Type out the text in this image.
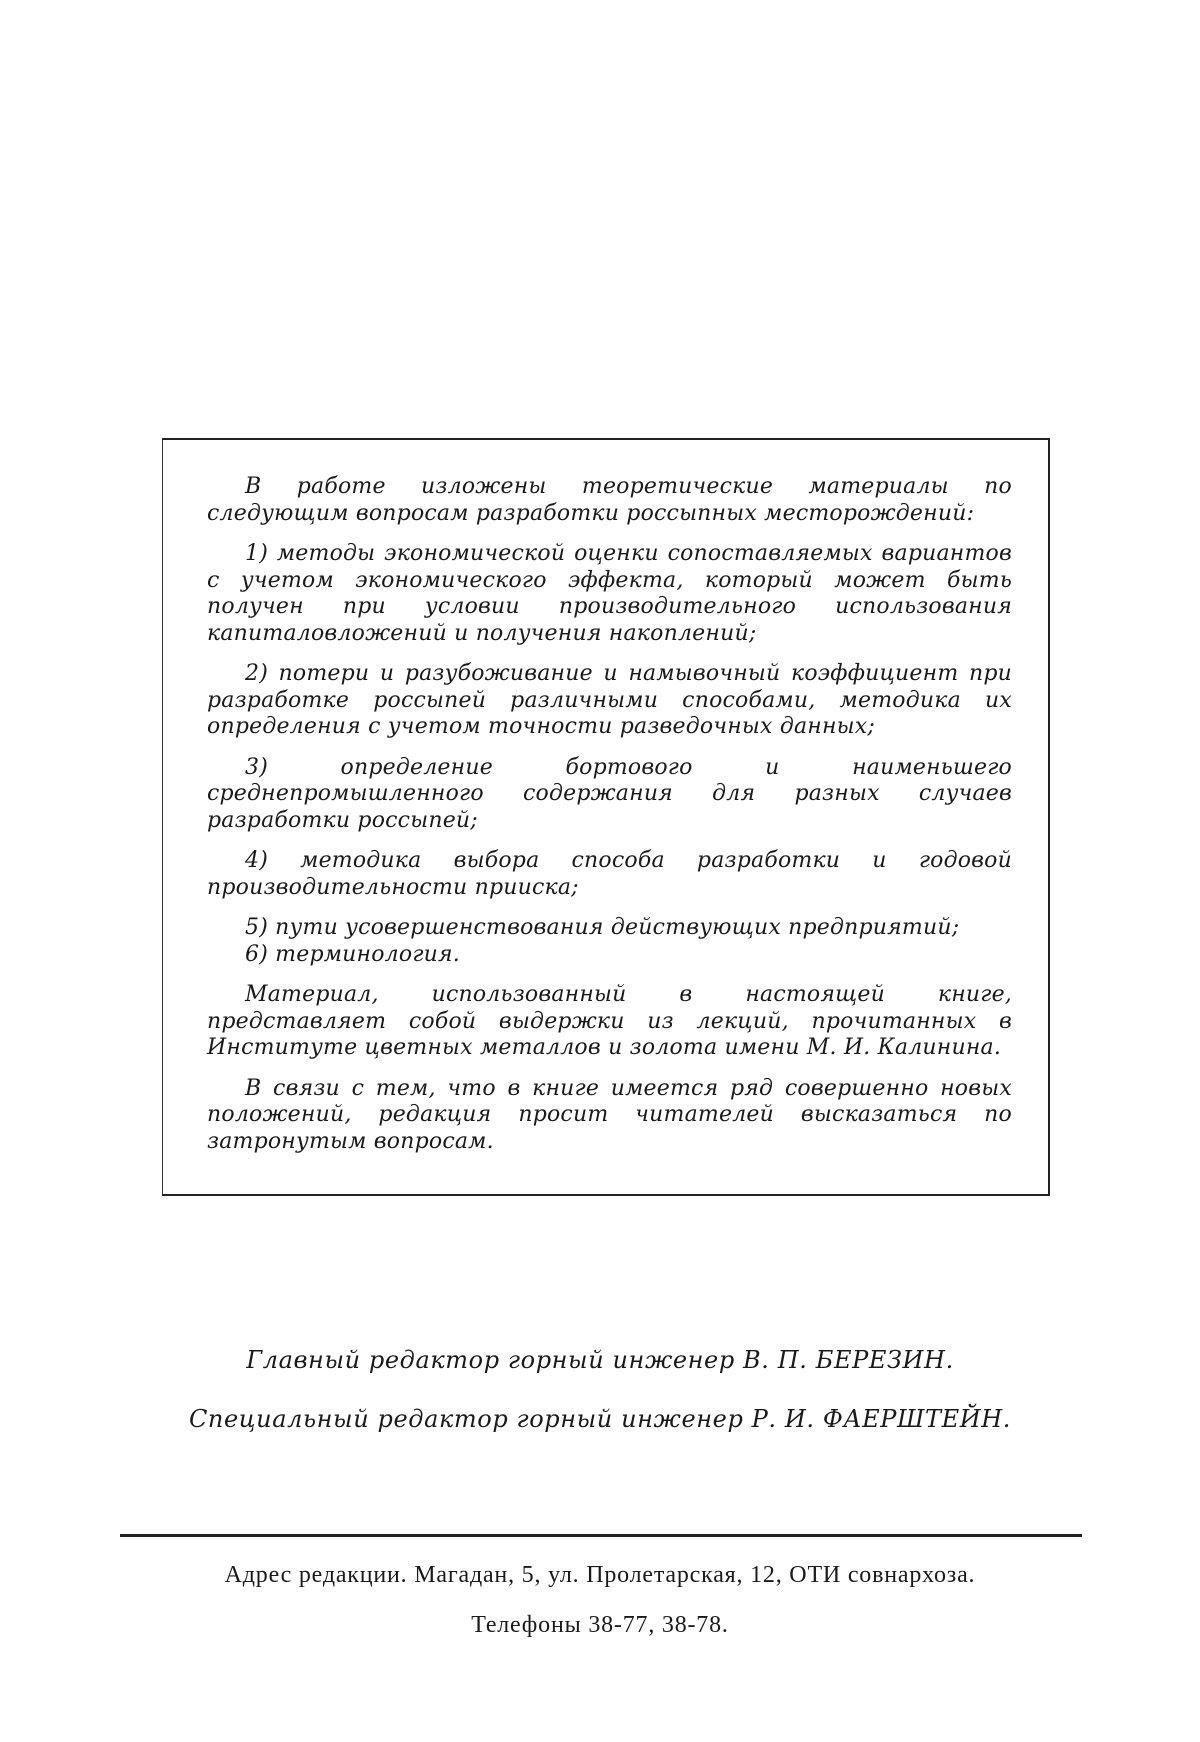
В работе изложены теоретические материалы по следующим вопросам разработки россыпных месторождений:

1) методы экономической оценки сопоставляемых вариантов с учетом экономического эффекта, который может быть получен при условии производительного использования капиталовложений и получения накоплений;

2) потери и разубоживание и намывочный коэффициент при разработке россыпей различными способами, методика их определения с учетом точности разведочных данных;

3) определение бортового и наименьшего среднепромышленного содержания для разных случаев разработки россыпей;

4) методика выбора способа разработки и годовой производительности прииска;

5) пути усовершенствования действующих предприятий;

6) терминология.

Материал, использованный в настоящей книге, представляет собой выдержки из лекций, прочитанных в Институте цветных металлов и золота имени М. И. Калинина.

В связи с тем, что в книге имеется ряд совершенно новых положений, редакция просит читателей высказаться по затронутым вопросам.

Главный редактор горный инженер В. П. БЕРЕЗИН.
Специальный редактор горный инженер Р. И. ФАЕРШТЕЙН.
Адрес редакции. Магадан, 5, ул. Пролетарская, 12, ОТИ совнархоза.
Телефоны 38-77, 38-78.
